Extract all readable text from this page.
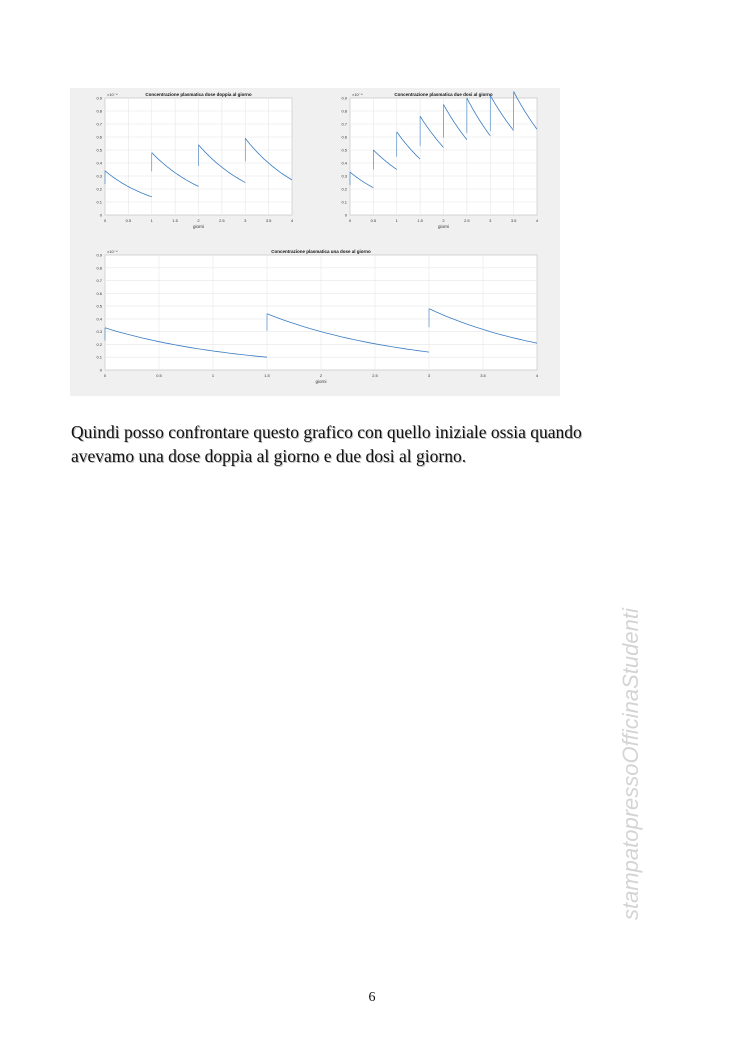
0	0.5	1	1.5	2	2.5	3	3.5	4
0
0.1
0.2
0.3
0.4
0.5
0.6
0.7
0.8
0.9
Concentrazione plasmatica dose doppia al giorno
giorni
×10⁻⁴
0	0.5	1	1.5	2	2.5	3	3.5	4
0
0.1
0.2
0.3
0.4
0.5
0.6
0.7
0.8
0.9
Concentrazione plasmatica due dosi al giorno
giorni
×10⁻⁴
0	0.5	1	1.5	2	2.5	3	3.5	4
0
0.1
0.2
0.3
0.4
0.5
0.6
0.7
0.8
0.9
Concentrazione plasmatica una dose al giorno
giorni
×10⁻⁴
Quindi posso confrontare questo grafico con quello iniziale ossia quando avevamo una dose doppia al giorno e due dosi al giorno.
stampatopressoOfficinaStudenti
6
